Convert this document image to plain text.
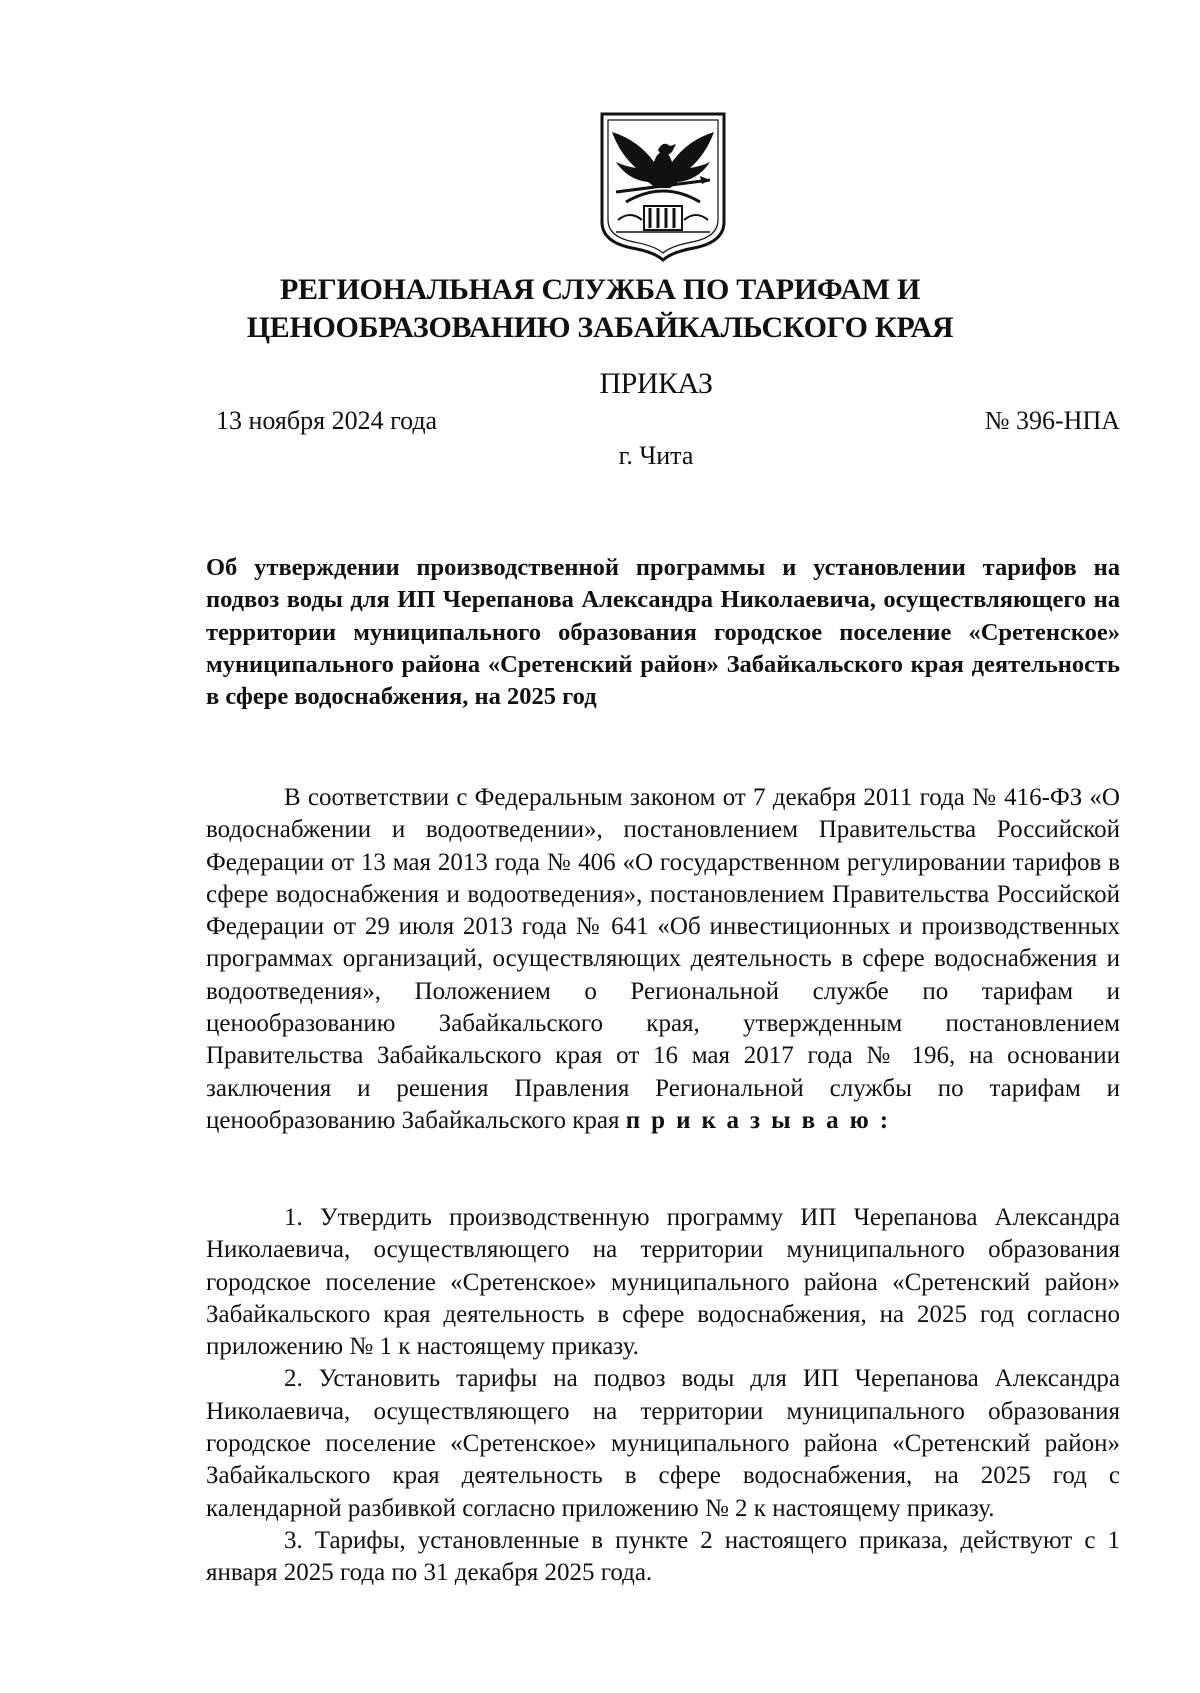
РЕГИОНАЛЬНАЯ СЛУЖБА ПО ТАРИФАМ И
ЦЕНООБРАЗОВАНИЮ ЗАБАЙКАЛЬСКОГО КРАЯ
ПРИКАЗ
13 ноября 2024 года	№ 396-НПА
г. Чита
Об утверждении производственной программы и установлении тарифов на подвоз воды для ИП Черепанова Александра Николаевича, осуществляющего на территории муниципального образования городское поселение «Сретенское» муниципального района «Сретенский район» Забайкальского края деятельность в сфере водоснабжения, на 2025 год
В соответствии с Федеральным законом от 7 декабря 2011 года № 416-ФЗ «О водоснабжении и водоотведении», постановлением Правительства Российской Федерации от 13 мая 2013 года № 406 «О государственном регулировании тарифов в сфере водоснабжения и водоотведения», постановлением Правительства Российской Федерации от 29 июля 2013 года № 641 «Об инвестиционных и производственных программах организаций, осуществляющих деятельность в сфере водоснабжения и водоотведения», Положением о Региональной службе по тарифам и ценообразованию Забайкальского края, утвержденным постановлением Правительства Забайкальского края от 16 мая 2017 года № 196, на основании заключения и решения Правления Региональной службы по тарифам и ценообразованию Забайкальского края приказываю:

1. Утвердить производственную программу ИП Черепанова Александра Николаевича, осуществляющего на территории муниципального образования городское поселение «Сретенское» муниципального района «Сретенский район» Забайкальского края деятельность в сфере водоснабжения, на 2025 год согласно приложению № 1 к настоящему приказу.

2. Установить тарифы на подвоз воды для ИП Черепанова Александра Николаевича, осуществляющего на территории муниципального образования городское поселение «Сретенское» муниципального района «Сретенский район» Забайкальского края деятельность в сфере водоснабжения, на 2025 год с календарной разбивкой согласно приложению № 2 к настоящему приказу.

3. Тарифы, установленные в пункте 2 настоящего приказа, действуют с 1 января 2025 года по 31 декабря 2025 года.
